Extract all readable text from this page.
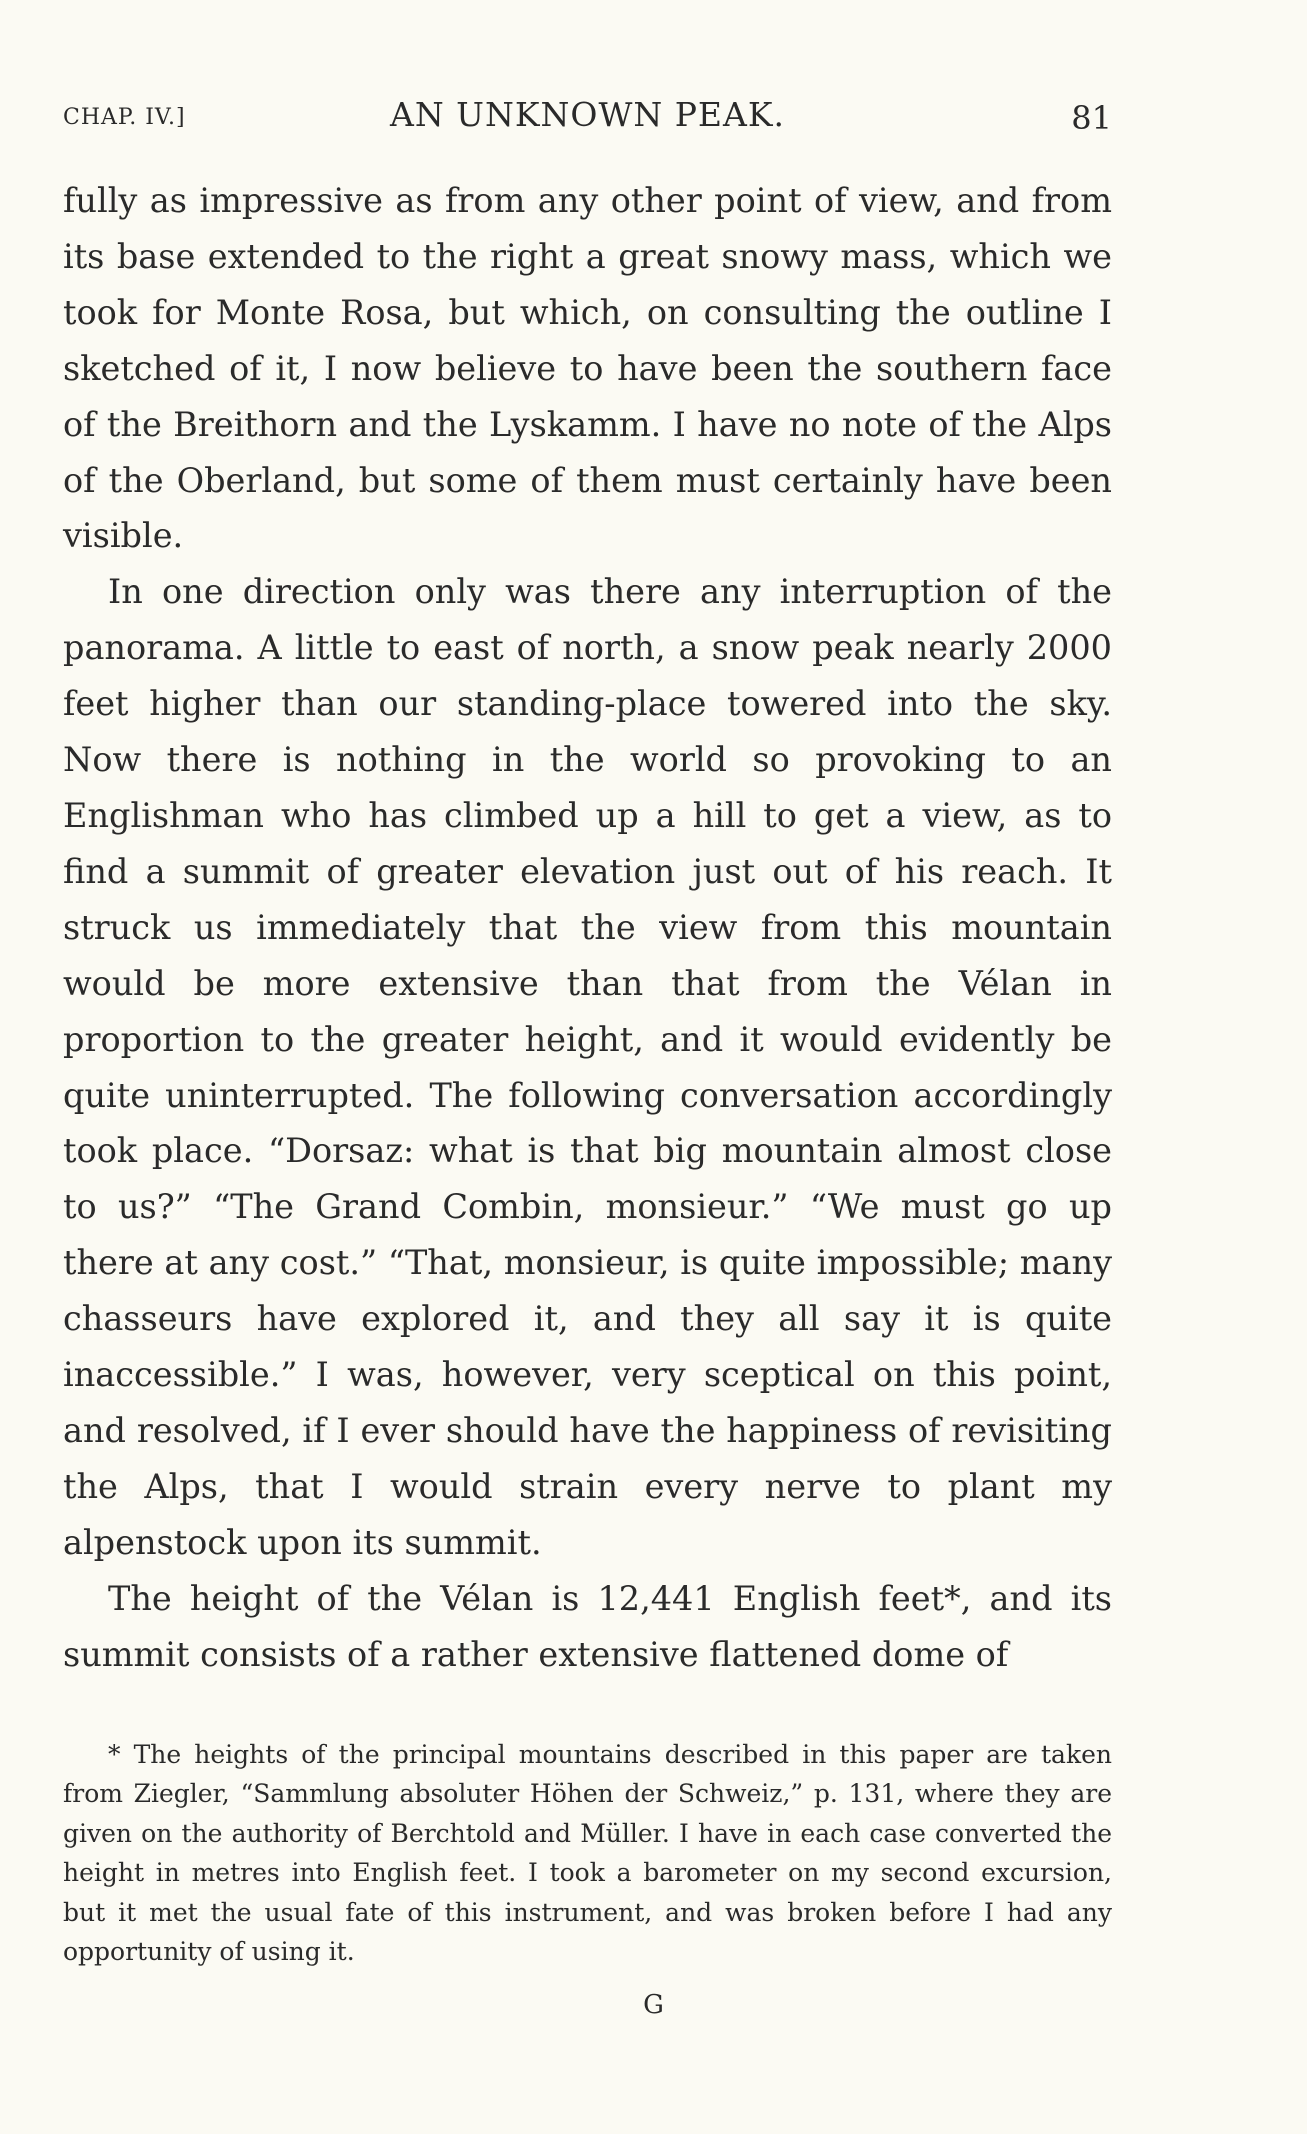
CHAP. IV.]	AN UNKNOWN PEAK.	81

fully as impressive as from any other point of view, and from its base extended to the right a great snowy mass, which we took for Monte Rosa, but which, on consulting the outline I sketched of it, I now believe to have been the southern face of the Breithorn and the Lyskamm. I have no note of the Alps of the Oberland, but some of them must certainly have been visible.

In one direction only was there any interruption of the panorama. A little to east of north, a snow peak nearly 2000 feet higher than our standing-place towered into the sky. Now there is nothing in the world so provoking to an Englishman who has climbed up a hill to get a view, as to find a summit of greater elevation just out of his reach. It struck us immediately that the view from this mountain would be more extensive than that from the Vélan in proportion to the greater height, and it would evidently be quite uninterrupted. The following conversation accordingly took place. “Dorsaz: what is that big mountain almost close to us?” “The Grand Combin, monsieur.” “We must go up there at any cost.” “That, monsieur, is quite impossible; many chasseurs have explored it, and they all say it is quite inaccessible.” I was, however, very sceptical on this point, and resolved, if I ever should have the happiness of revisiting the Alps, that I would strain every nerve to plant my alpenstock upon its summit.

The height of the Vélan is 12,441 English feet*, and its summit consists of a rather extensive flattened dome of

* The heights of the principal mountains described in this paper are taken from Ziegler, “Sammlung absoluter Höhen der Schweiz,” p. 131, where they are given on the authority of Berchtold and Müller. I have in each case converted the height in metres into English feet. I took a barometer on my second excursion, but it met the usual fate of this instrument, and was broken before I had any opportunity of using it.
G
